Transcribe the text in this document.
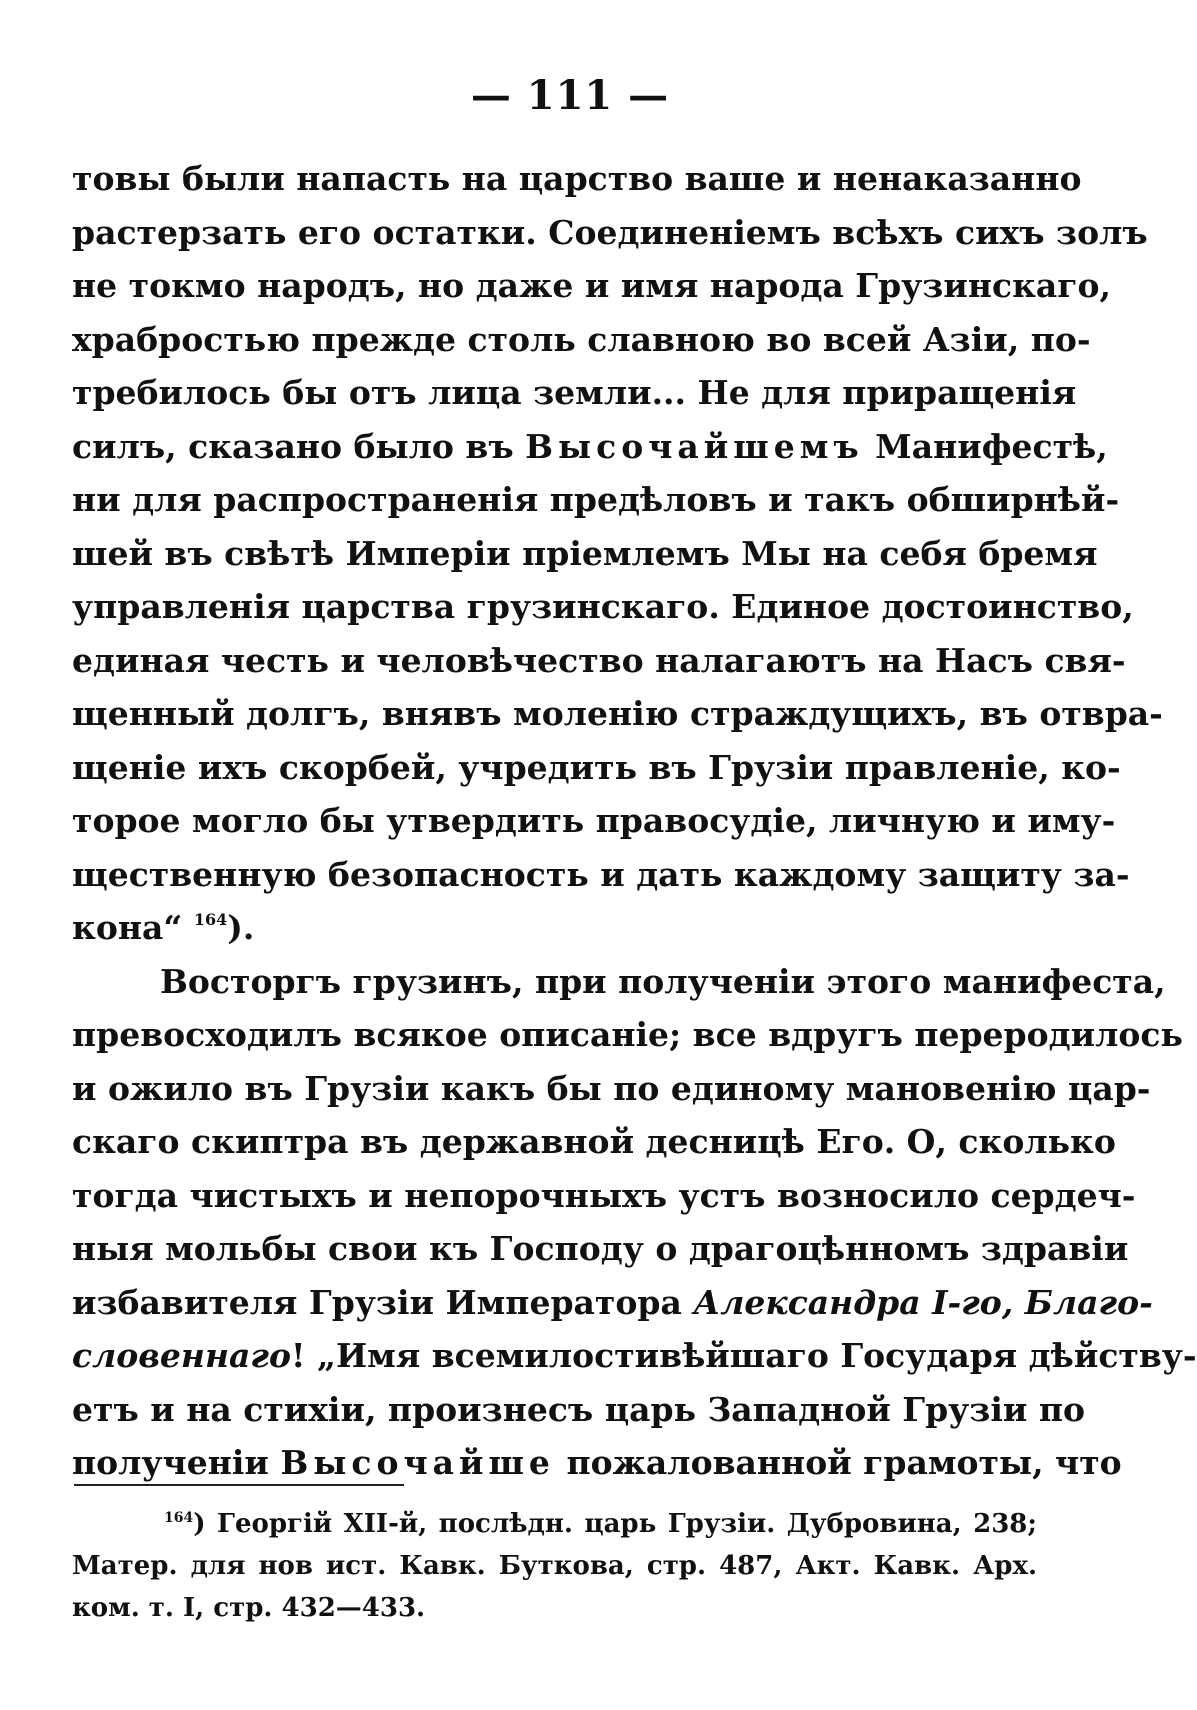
— 111 —
товы были напасть на царство ваше и ненаказанно
растерзать его остатки. Соединеніемъ всѣхъ сихъ золъ
не токмо народъ, но даже и имя народа Грузинскаго,
храбростью прежде столь славною во всей Азіи, по-
требилось бы отъ лица земли... Не для приращенія
силъ, сказано было въ Высочайшемъ Манифестѣ,
ни для распространенія предѣловъ и такъ обширнѣй-
шей въ свѣтѣ Имперіи пріемлемъ Мы на себя бремя
управленія царства грузинскаго. Единое достоинство,
единая честь и человѣчество налагаютъ на Насъ свя-
щенный долгъ, внявъ моленію страждущихъ, въ отвра-
щеніе ихъ скорбей, учредить въ Грузіи правленіе, ко-
торое могло бы утвердить правосудіе, личную и иму-
щественную безопасность и дать каждому защиту за-
кона“ $^{164}$).
Восторгъ грузинъ, при полученіи этого манифеста,
превосходилъ всякое описаніе; все вдругъ переродилось
и ожило въ Грузіи какъ бы по единому мановенію цар-
скаго скиптра въ державной десницѣ Его. О, сколько
тогда чистыхъ и непорочныхъ устъ возносило сердеч-
ныя мольбы свои къ Господу о драгоцѣнномъ здравіи
избавителя Грузіи Императора Александра I-го, Благо-
словеннаго! „Имя всемилостивѣйшаго Государя дѣйству-
етъ и на стихіи, произнесъ царь Западной Грузіи по
полученіи Высочайше пожалованной грамоты, что
$^{164}$) Георгій XII-й, послѣдн. царь Грузіи. Дубровина, 238;
Матер. для нов ист. Кавк. Буткова, стр. 487, Акт. Кавк. Арх.
ком. т. I, стр. 432—433.
